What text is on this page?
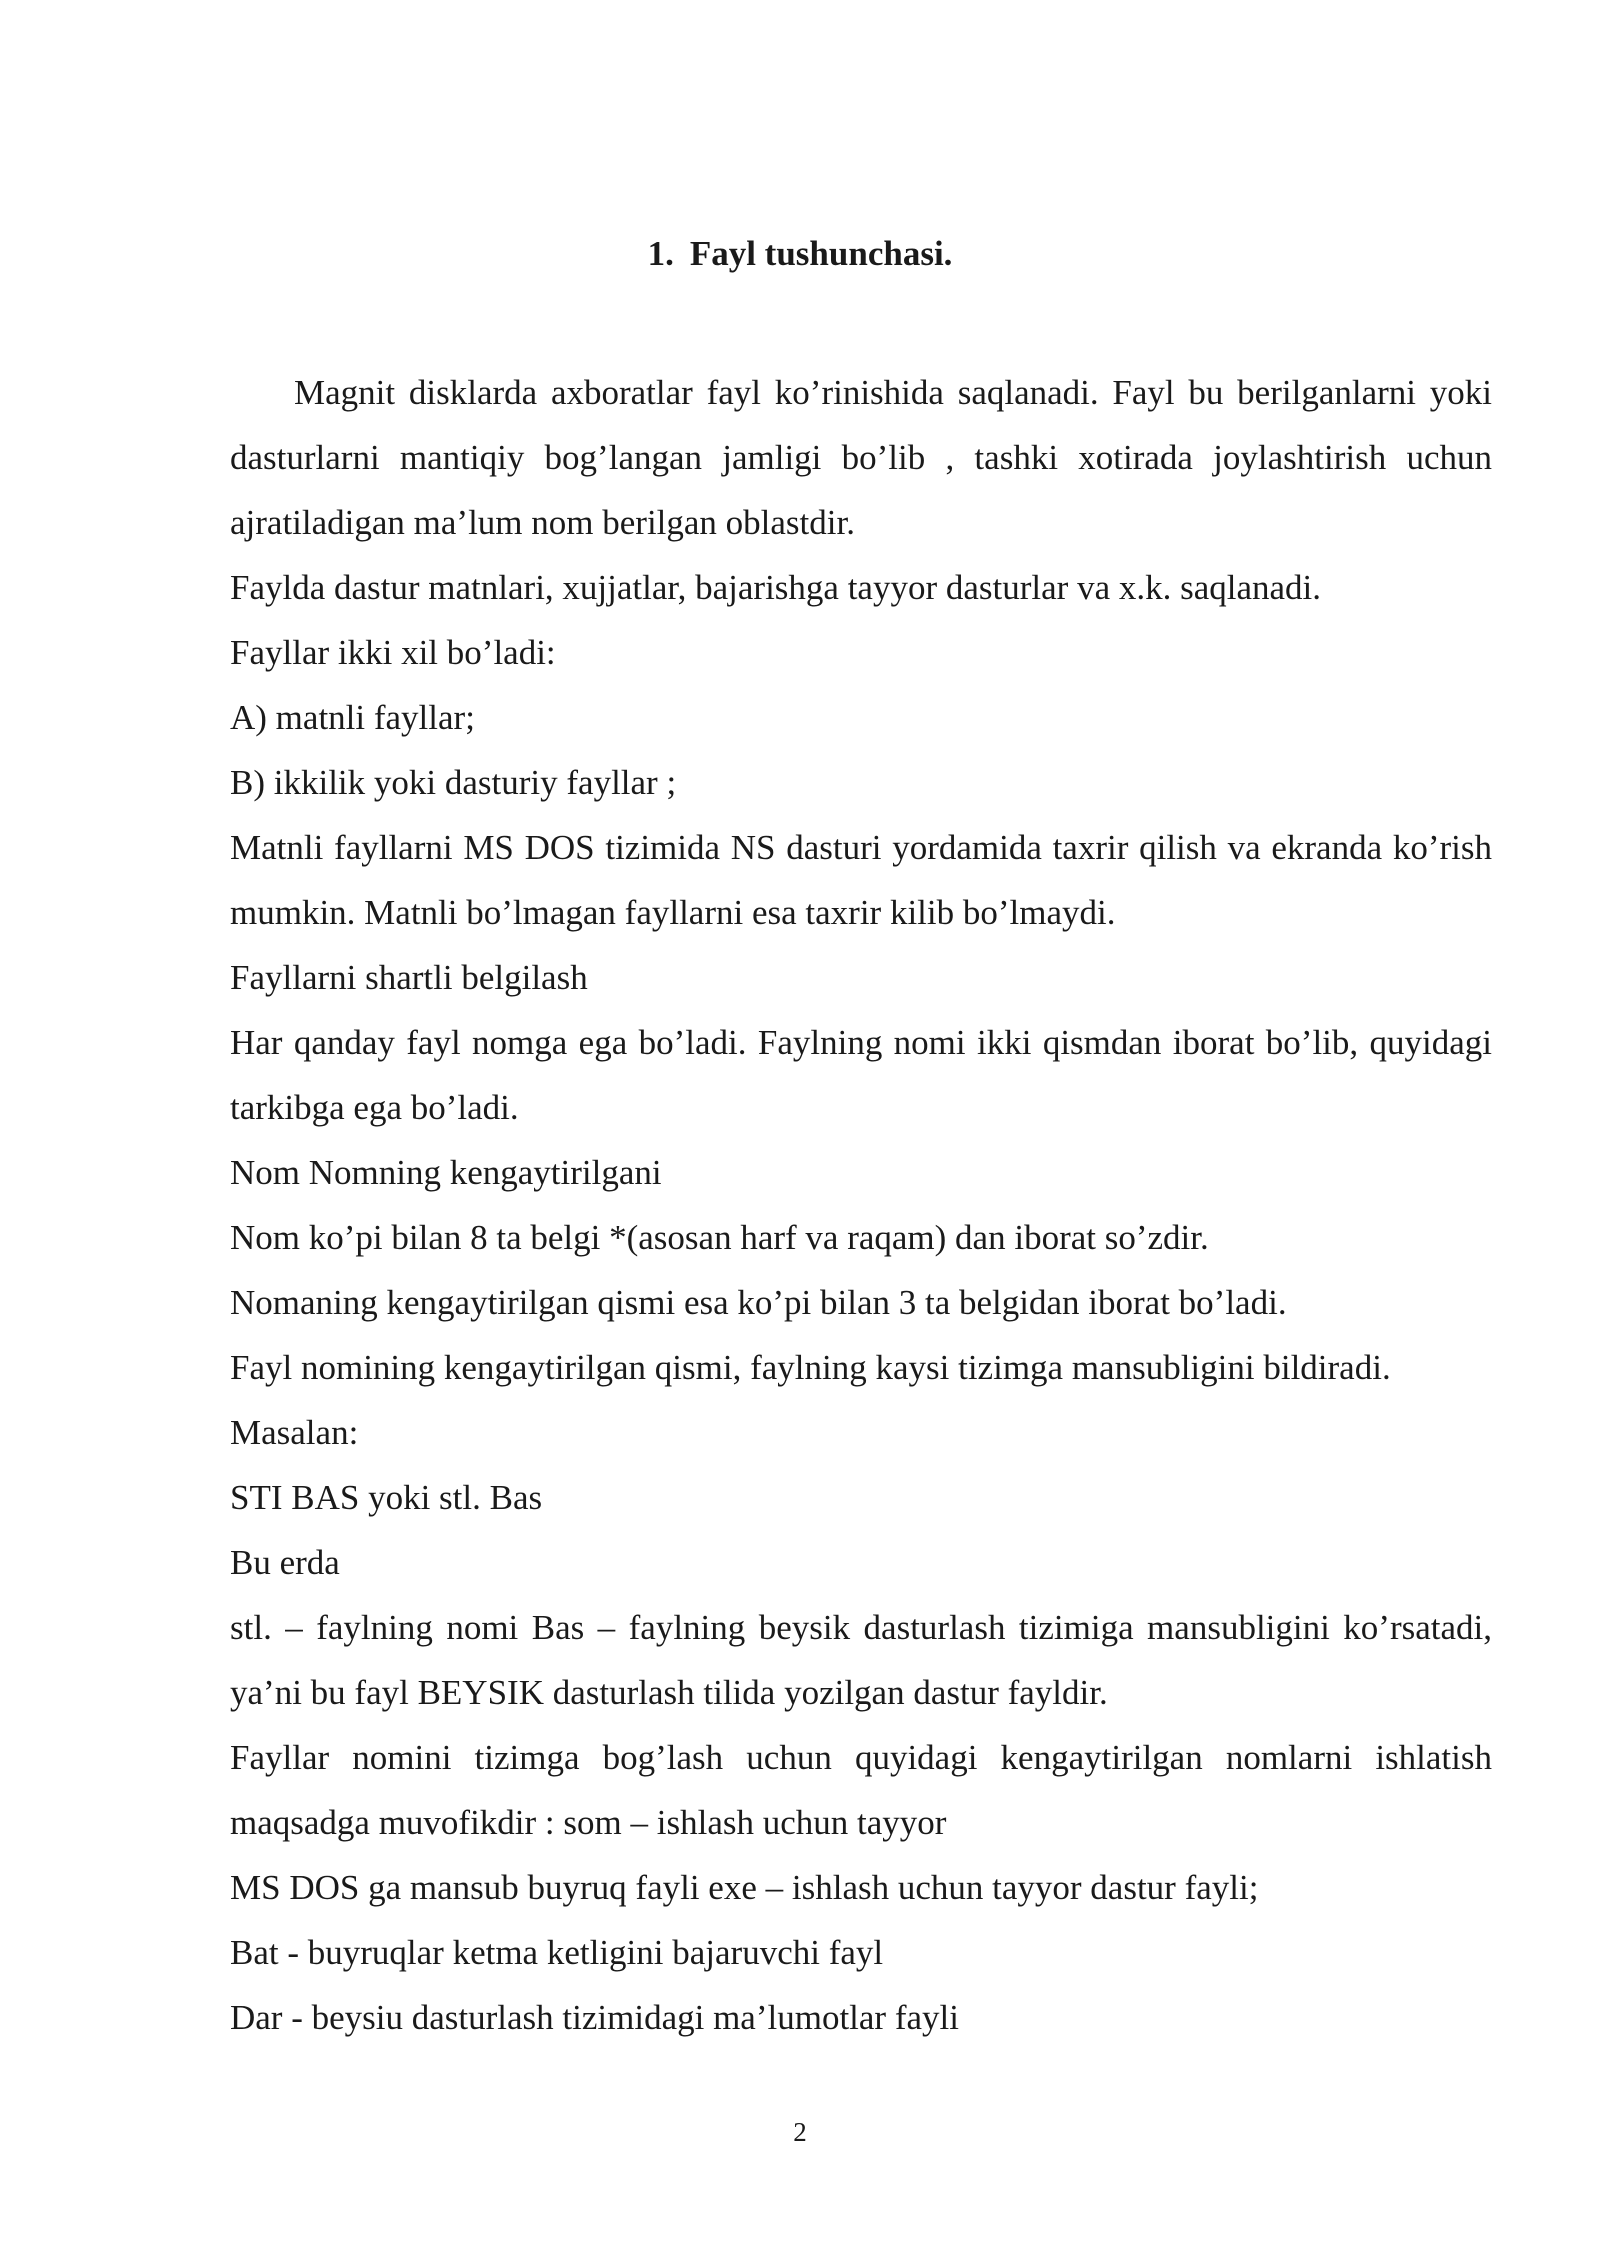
1. Fayl tushunchasi.

Magnit disklarda axboratlar fayl ko’rinishida saqlanadi. Fayl bu berilganlarni yoki dasturlarni mantiqiy bog’langan jamligi bo’lib , tashki xotirada joylashtirish uchun ajratiladigan ma’lum nom berilgan oblastdir.

Faylda dastur matnlari, xujjatlar, bajarishga tayyor dasturlar va x.k. saqlanadi.

Fayllar ikki xil bo’ladi:

A) matnli fayllar;

B) ikkilik yoki dasturiy fayllar ;

Matnli fayllarni MS DOS tizimida NS dasturi yordamida taxrir qilish va ekranda ko’rish mumkin. Matnli bo’lmagan fayllarni esa taxrir kilib bo’lmaydi.

Fayllarni shartli belgilash

Har qanday fayl nomga ega bo’ladi. Faylning nomi ikki qismdan iborat bo’lib, quyidagi tarkibga ega bo’ladi.

Nom Nomning kengaytirilgani

Nom ko’pi bilan 8 ta belgi *(asosan harf va raqam) dan iborat so’zdir.

Nomaning kengaytirilgan qismi esa ko’pi bilan 3 ta belgidan iborat bo’ladi.

Fayl nomining kengaytirilgan qismi, faylning kaysi tizimga mansubligini bildiradi.

Masalan:

STI BAS yoki stl. Bas

Bu erda

stl. – faylning nomi Bas – faylning beysik dasturlash tizimiga mansubligini ko’rsatadi, ya’ni bu fayl BEYSIK dasturlash tilida yozilgan dastur fayldir.

Fayllar nomini tizimga bog’lash uchun quyidagi kengaytirilgan nomlarni ishlatish maqsadga muvofikdir : som – ishlash uchun tayyor

MS DOS ga mansub buyruq fayli exe – ishlash uchun tayyor dastur fayli;

Bat - buyruqlar ketma ketligini bajaruvchi fayl

Dar - beysiu dasturlash tizimidagi ma’lumotlar fayli

2
